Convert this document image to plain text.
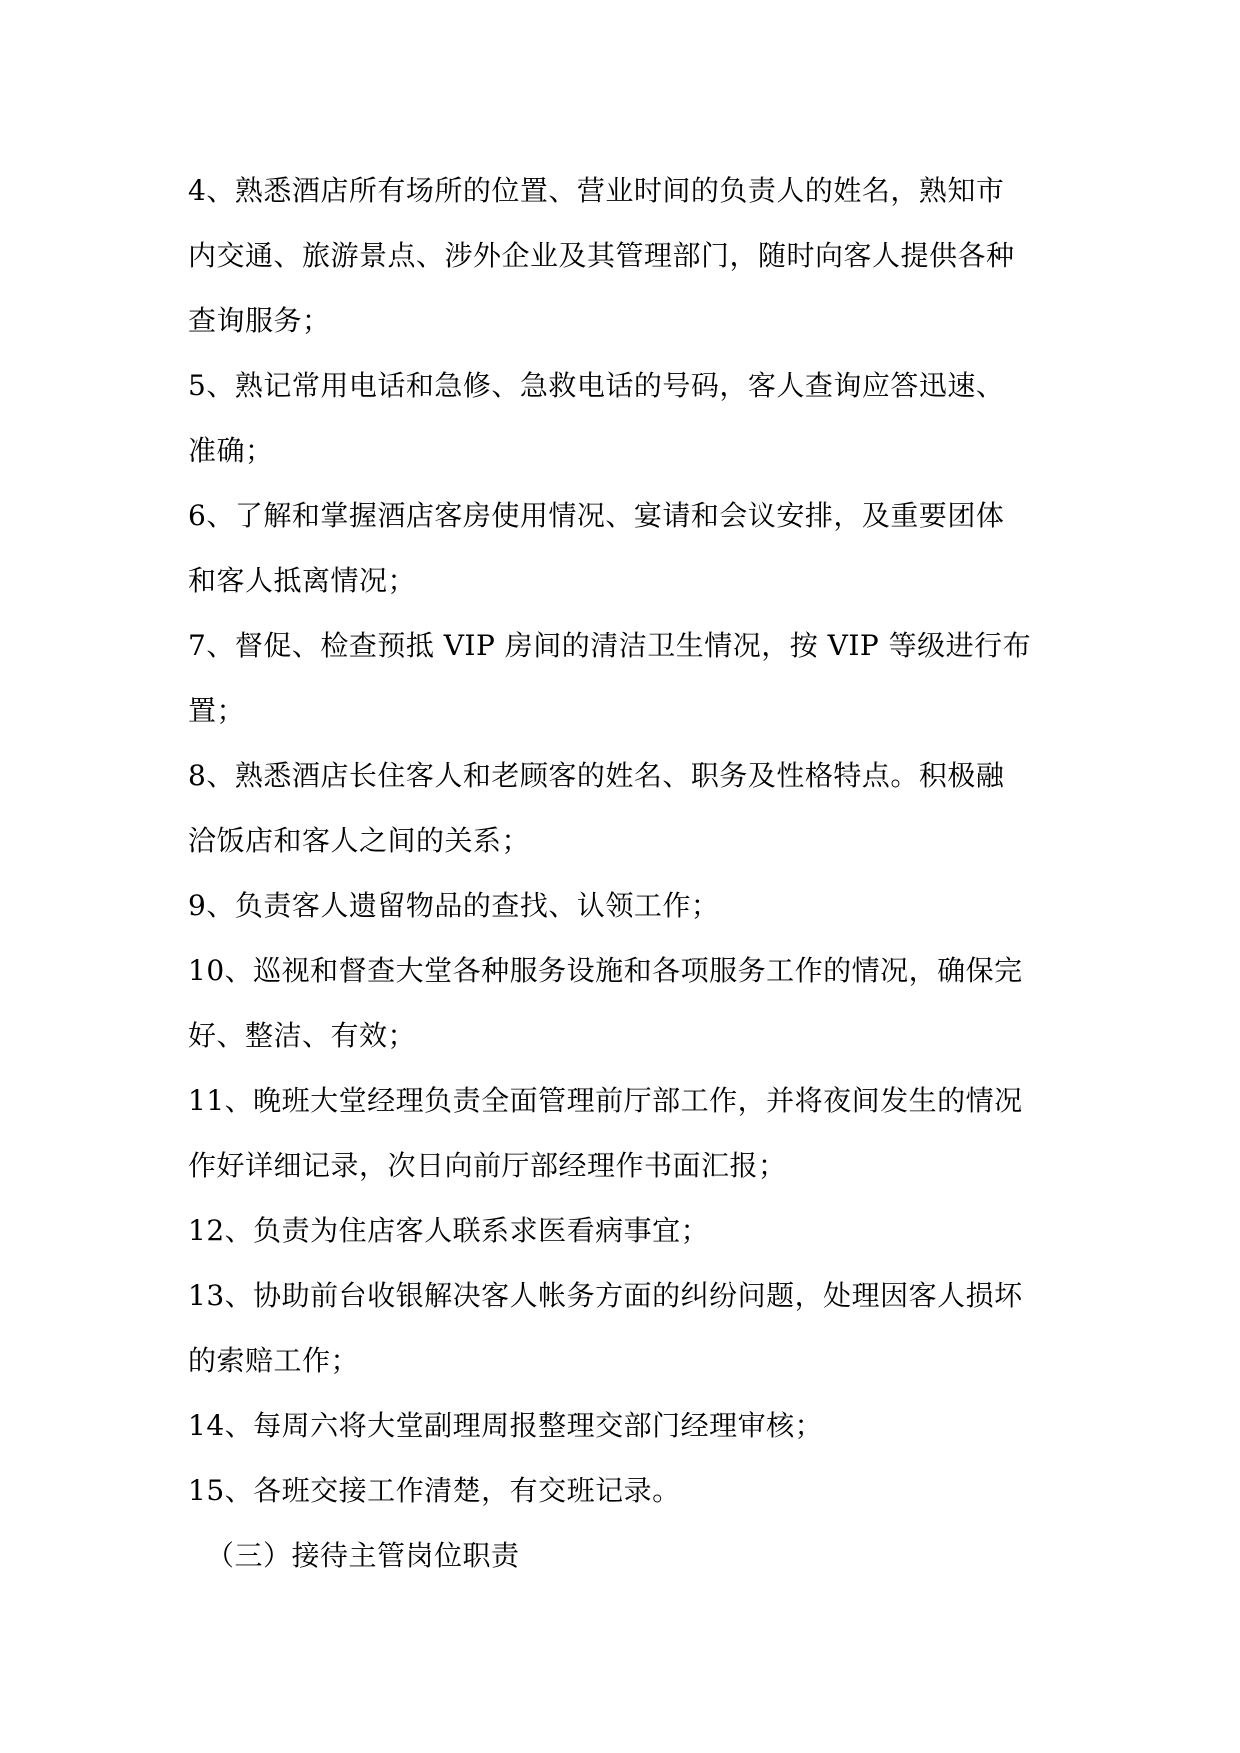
4、熟悉酒店所有场所的位置、营业时间的负责人的姓名，熟知市
内交通、旅游景点、涉外企业及其管理部门，随时向客人提供各种
查询服务；
5、熟记常用电话和急修、急救电话的号码，客人查询应答迅速、
准确；
6、了解和掌握酒店客房使用情况、宴请和会议安排，及重要团体
和客人抵离情况；
7、督促、检查预抵 VIP 房间的清洁卫生情况，按 VIP 等级进行布
置；
8、熟悉酒店长住客人和老顾客的姓名、职务及性格特点。积极融
洽饭店和客人之间的关系；
9、负责客人遗留物品的查找、认领工作；
10、巡视和督查大堂各种服务设施和各项服务工作的情况，确保完
好、整洁、有效；
11、晚班大堂经理负责全面管理前厅部工作，并将夜间发生的情况
作好详细记录，次日向前厅部经理作书面汇报；
12、负责为住店客人联系求医看病事宜；
13、协助前台收银解决客人帐务方面的纠纷问题，处理因客人损坏
的索赔工作；
14、每周六将大堂副理周报整理交部门经理审核；
15、各班交接工作清楚，有交班记录。
（三）接待主管岗位职责
